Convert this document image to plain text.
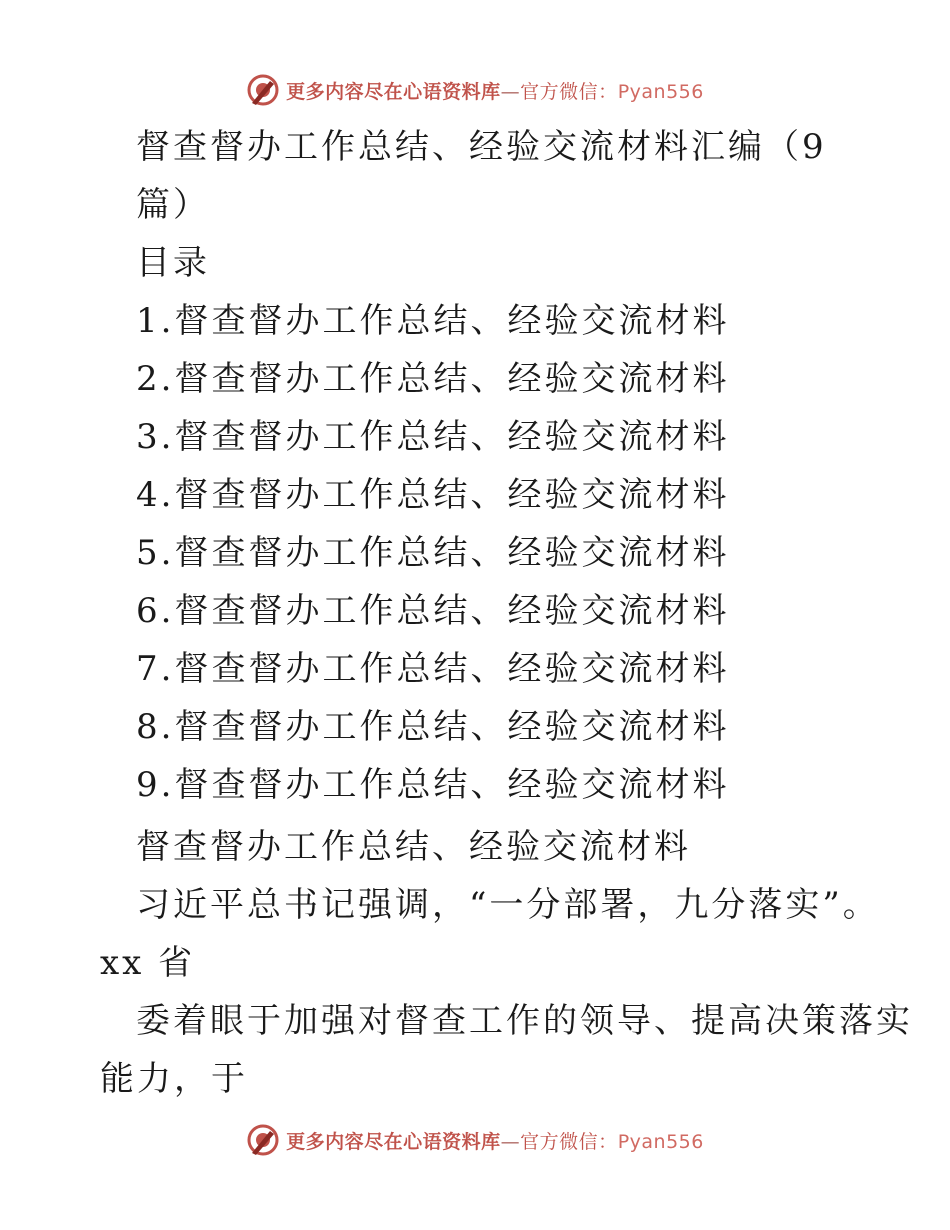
更多内容尽在心语资料库—官方微信：Pyan556
督查督办工作总结、经验交流材料汇编（9
篇）
目录
1.督查督办工作总结、经验交流材料
2.督查督办工作总结、经验交流材料
3.督查督办工作总结、经验交流材料
4.督查督办工作总结、经验交流材料
5.督查督办工作总结、经验交流材料
6.督查督办工作总结、经验交流材料
7.督查督办工作总结、经验交流材料
8.督查督办工作总结、经验交流材料
9.督查督办工作总结、经验交流材料
督查督办工作总结、经验交流材料
习近平总书记强调，“一分部署，九分落实”。
xx 省
委着眼于加强对督查工作的领导、提高决策落实
能力，于
更多内容尽在心语资料库—官方微信：Pyan556
